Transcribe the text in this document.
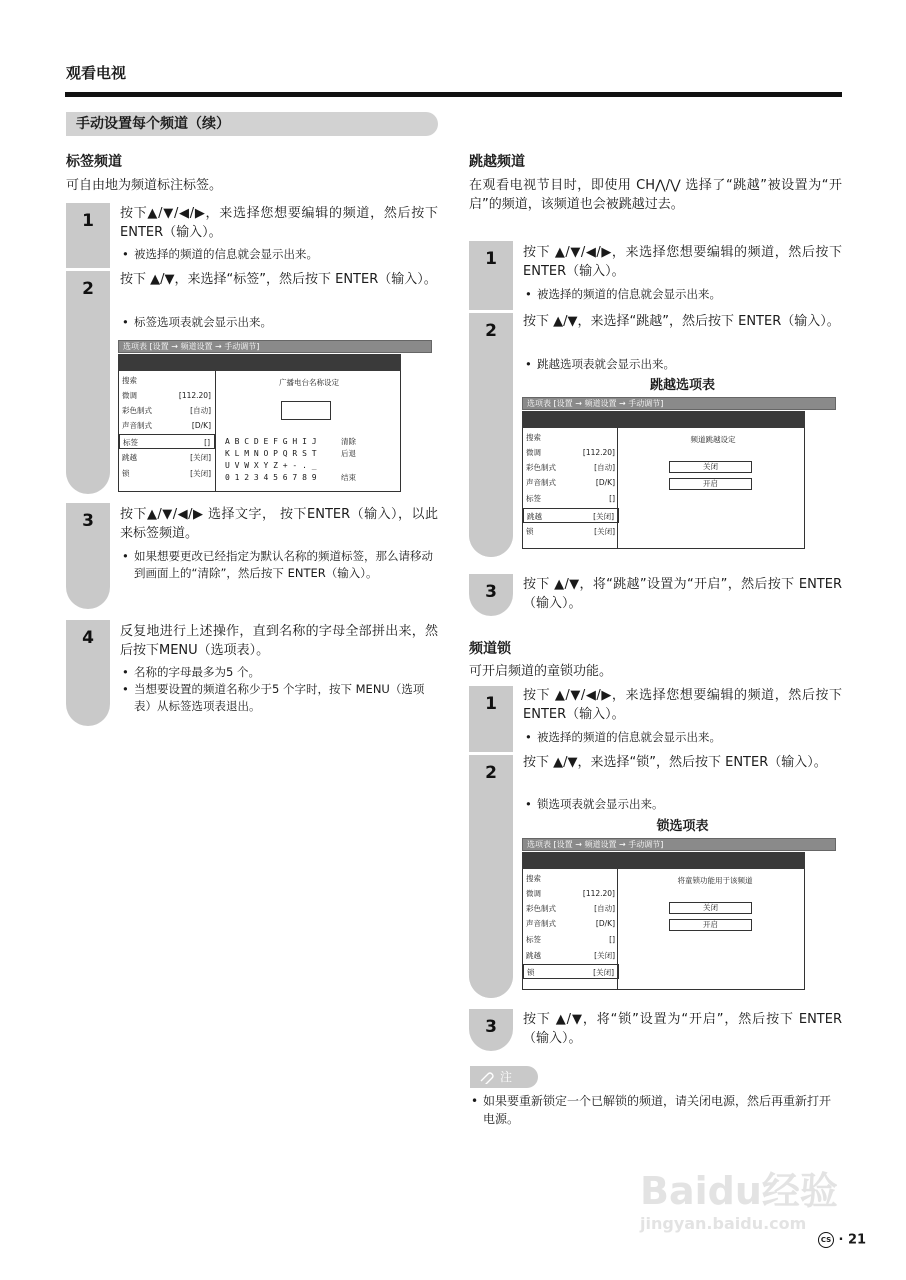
观看电视
手动设置每个频道（续）
标签频道
可自由地为频道标注标签。
1	按下▲/▼/◀/▶，来选择您想要编辑的频道，然后按下 ENTER（输入）。
• 被选择的频道的信息就会显示出来。
2	按下 ▲/▼，来选择“标签”，然后按下 ENTER（输入）。
• 标签选项表就会显示出来。
选项表 [设置 → 频道设置 → 手动调节]
搜索
微调	[112.20]
彩色制式	[自动]
声音制式	[D/K]
标签	[]
跳越	[关闭]
锁	[关闭]
广播电台名称设定
A B C D E F G H I J
K L M N O P Q R S T
U V W X Y Z + - . _
0 1 2 3 4 5 6 7 8 9
清除
后退
结束
3	按下▲/▼/◀/▶ 选择文字， 按下ENTER（输入），以此来标签频道。
• 如果想要更改已经指定为默认名称的频道标签，那么请移动到画面上的“清除”，然后按下 ENTER（输入）。
4	反复地进行上述操作，直到名称的字母全部拼出来，然后按下MENU（选项表）。
• 名称的字母最多为5 个。
• 当想要设置的频道名称少于5 个字时，按下 MENU（选项表）从标签选项表退出。
跳越频道
在观看电视节目时，即使用 CH⋀/⋁ 选择了“跳越”被设置为“开启”的频道，该频道也会被跳越过去。
1	按下 ▲/▼/◀/▶，来选择您想要编辑的频道，然后按下 ENTER（输入）。
• 被选择的频道的信息就会显示出来。
2	按下 ▲/▼，来选择“跳越”，然后按下 ENTER（输入）。
• 跳越选项表就会显示出来。
跳越选项表
选项表 [设置 → 频道设置 → 手动调节]
搜索
微调	[112.20]
彩色制式	[自动]
声音制式	[D/K]
标签	[]
跳越	[关闭]
锁	[关闭]
频道跳越设定
关闭
开启
3	按下 ▲/▼，将“跳越”设置为“开启”，然后按下 ENTER（输入）。
频道锁
可开启频道的童锁功能。
1	按下 ▲/▼/◀/▶，来选择您想要编辑的频道，然后按下 ENTER（输入）。
• 被选择的频道的信息就会显示出来。
2
按下 ▲/▼，来选择“锁”，然后按下 ENTER（输入）。
• 锁选项表就会显示出来。
锁选项表
选项表 [设置 → 频道设置 → 手动调节]
搜索
微调	[112.20]
彩色制式	[自动]
声音制式	[D/K]
标签	[]
跳越	[关闭]
锁	[关闭]
将童锁功能用于该频道
关闭
开启
3	按下 ▲/▼，将“锁”设置为“开启”，然后按下 ENTER（输入）。
注
• 如果要重新锁定一个已解锁的频道，请关闭电源，然后再重新打开电源。
Baidu经验
jingyan.baidu.com
CS · 21
